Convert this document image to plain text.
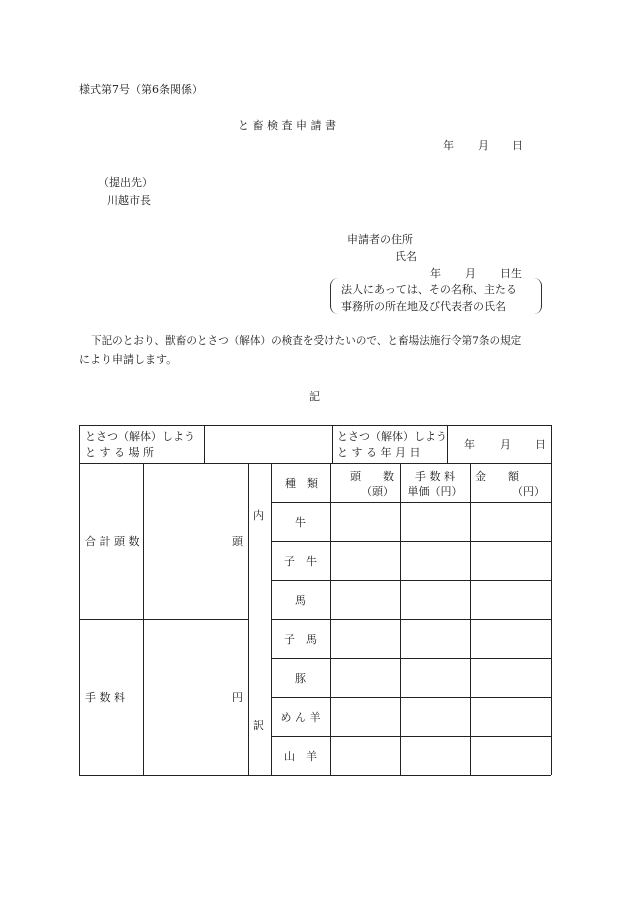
様式第7号（第6条関係）
と 畜 検 査 申 請 書
年 月 日
（提出先）
川越市長
申請者の住所
氏名
年 月 日生
法人にあっては、その名称、主たる
事務所の所在地及び代表者の氏名
下記のとおり、獣畜のとさつ（解体）の検査を受けたいので、と畜場法施行令第7条の規定
により申請します。
記
とさつ（解体）しよう
と す る 場 所
とさつ（解体）しよう
と す る 年 月 日
年 月 日
合 計 頭 数	頭
手 数 料	円
内
訳
種　類
頭　　数
（頭）
手 数 料
単価（円）
金　　額
（円）
牛
子　牛
馬
子　馬
豚
め ん 羊
山　羊
